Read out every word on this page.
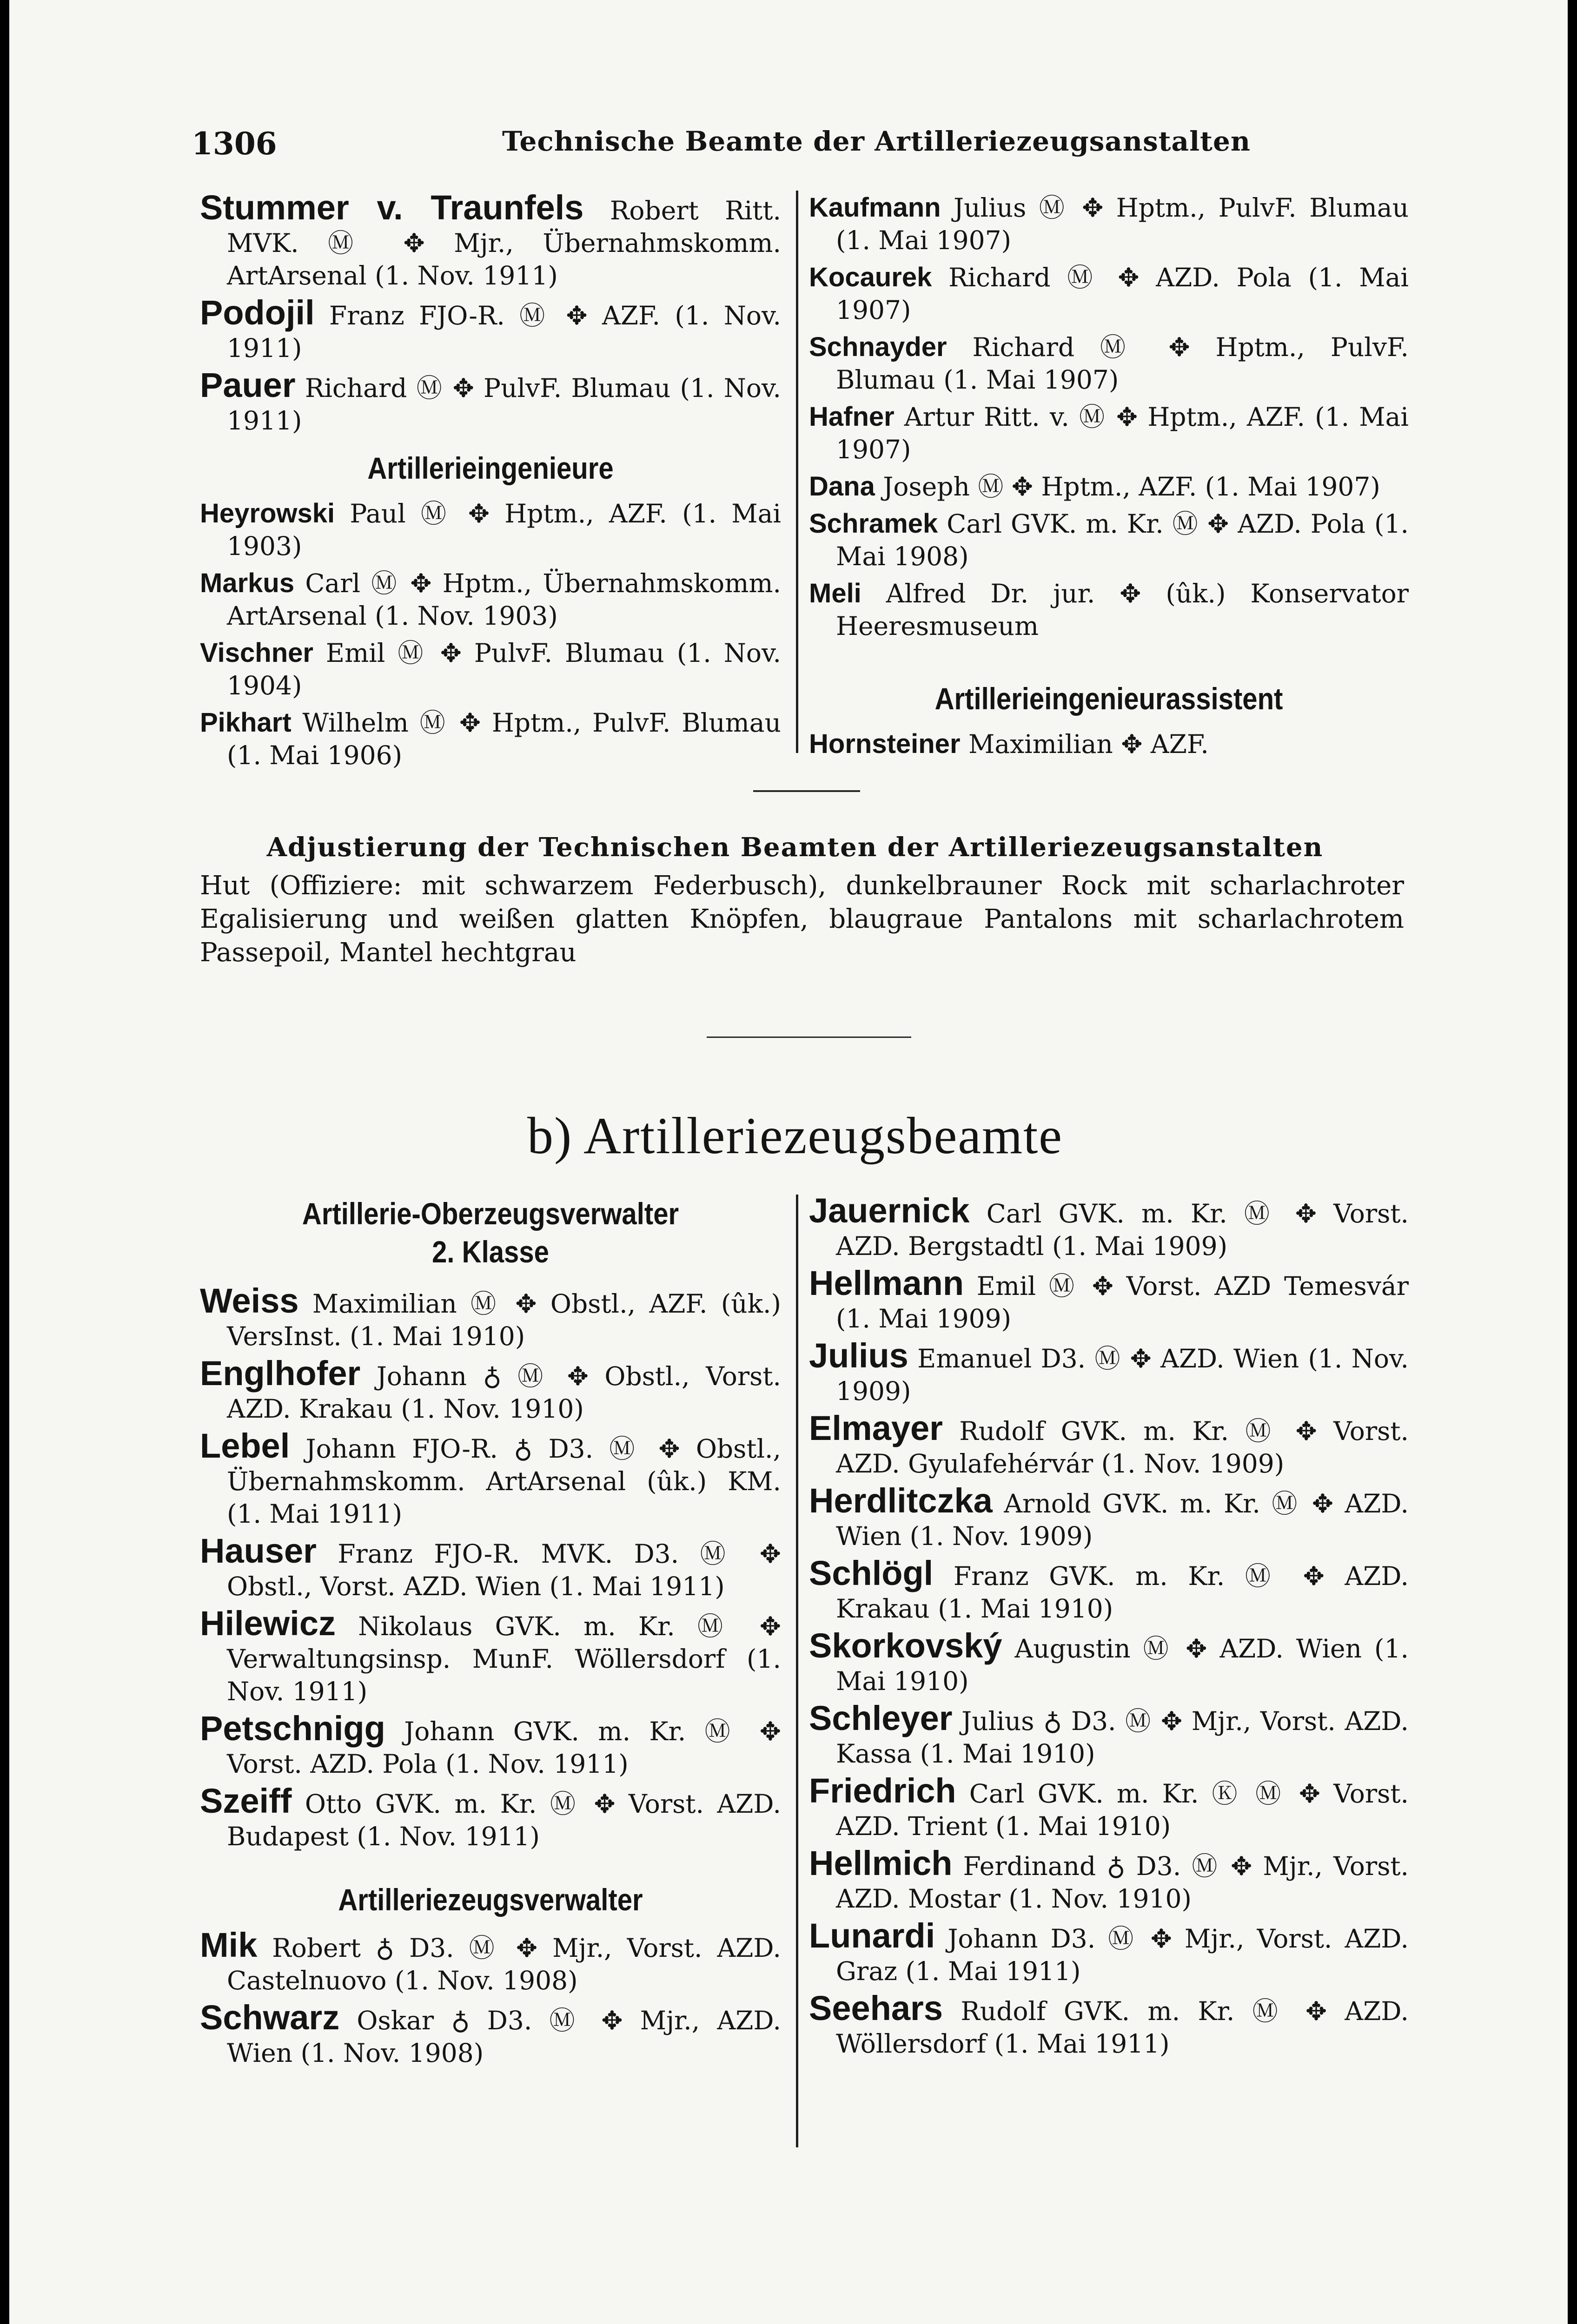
1306	Technische Beamte der Artilleriezeugsanstalten
Stummer v. Traunfels Robert Ritt. MVK. Ⓜ ✥ Mjr., Übernahmskomm. ArtArsenal (1. Nov. 1911)
Podojil Franz FJO-R. Ⓜ ✥ AZF. (1. Nov. 1911)
Pauer Richard Ⓜ ✥ PulvF. Blumau (1. Nov. 1911)
Artillerieingenieure
Heyrowski Paul Ⓜ ✥ Hptm., AZF. (1. Mai 1903)
Markus Carl Ⓜ ✥ Hptm., Übernahmskomm. ArtArsenal (1. Nov. 1903)
Vischner Emil Ⓜ ✥ PulvF. Blumau (1. Nov. 1904)
Pikhart Wilhelm Ⓜ ✥ Hptm., PulvF. Blumau (1. Mai 1906)
Kaufmann Julius Ⓜ ✥ Hptm., PulvF. Blumau (1. Mai 1907)
Kocaurek Richard Ⓜ ✥ AZD. Pola (1. Mai 1907)
Schnayder Richard Ⓜ ✥ Hptm., PulvF. Blumau (1. Mai 1907)
Hafner Artur Ritt. v. Ⓜ ✥ Hptm., AZF. (1. Mai 1907)
Dana Joseph Ⓜ ✥ Hptm., AZF. (1. Mai 1907)
Schramek Carl GVK. m. Kr. Ⓜ ✥ AZD. Pola (1. Mai 1908)
Meli Alfred Dr. jur. ✥ (ûk.) Konservator Heeresmuseum
Artillerieingenieurassistent
Hornsteiner Maximilian ✥ AZF.
Adjustierung der Technischen Beamten der Artilleriezeugsanstalten
Hut (Offiziere: mit schwarzem Federbusch), dunkelbrauner Rock mit scharlachroter Egalisierung und weißen glatten Knöpfen, blaugraue Pantalons mit scharlachrotem Passepoil, Mantel hechtgrau
b) Artilleriezeugsbeamte
Artillerie-Oberzeugsverwalter
2. Klasse
Weiss Maximilian Ⓜ ✥ Obstl., AZF. (ûk.) VersInst. (1. Mai 1910)
Englhofer Johann ♁ Ⓜ ✥ Obstl., Vorst. AZD. Krakau (1. Nov. 1910)
Lebel Johann FJO-R. ♁ D3. Ⓜ ✥ Obstl., Übernahmskomm. ArtArsenal (ûk.) KM. (1. Mai 1911)
Hauser Franz FJO-R. MVK. D3. Ⓜ ✥ Obstl., Vorst. AZD. Wien (1. Mai 1911)
Hilewicz Nikolaus GVK. m. Kr. Ⓜ ✥ Verwaltungsinsp. MunF. Wöllersdorf (1. Nov. 1911)
Petschnigg Johann GVK. m. Kr. Ⓜ ✥ Vorst. AZD. Pola (1. Nov. 1911)
Szeiff Otto GVK. m. Kr. Ⓜ ✥ Vorst. AZD. Budapest (1. Nov. 1911)
Artilleriezeugsverwalter
Mik Robert ♁ D3. Ⓜ ✥ Mjr., Vorst. AZD. Castelnuovo (1. Nov. 1908)
Schwarz Oskar ♁ D3. Ⓜ ✥ Mjr., AZD. Wien (1. Nov. 1908)
Jauernick Carl GVK. m. Kr. Ⓜ ✥ Vorst. AZD. Bergstadtl (1. Mai 1909)
Hellmann Emil Ⓜ ✥ Vorst. AZD Temesvár (1. Mai 1909)
Julius Emanuel D3. Ⓜ ✥ AZD. Wien (1. Nov. 1909)
Elmayer Rudolf GVK. m. Kr. Ⓜ ✥ Vorst. AZD. Gyulafehérvár (1. Nov. 1909)
Herdlitczka Arnold GVK. m. Kr. Ⓜ ✥ AZD. Wien (1. Nov. 1909)
Schlögl Franz GVK. m. Kr. Ⓜ ✥ AZD. Krakau (1. Mai 1910)
Skorkovský Augustin Ⓜ ✥ AZD. Wien (1. Mai 1910)
Schleyer Julius ♁ D3. Ⓜ ✥ Mjr., Vorst. AZD. Kassa (1. Mai 1910)
Friedrich Carl GVK. m. Kr. Ⓚ Ⓜ ✥ Vorst. AZD. Trient (1. Mai 1910)
Hellmich Ferdinand ♁ D3. Ⓜ ✥ Mjr., Vorst. AZD. Mostar (1. Nov. 1910)
Lunardi Johann D3. Ⓜ ✥ Mjr., Vorst. AZD. Graz (1. Mai 1911)
Seehars Rudolf GVK. m. Kr. Ⓜ ✥ AZD. Wöllersdorf (1. Mai 1911)
